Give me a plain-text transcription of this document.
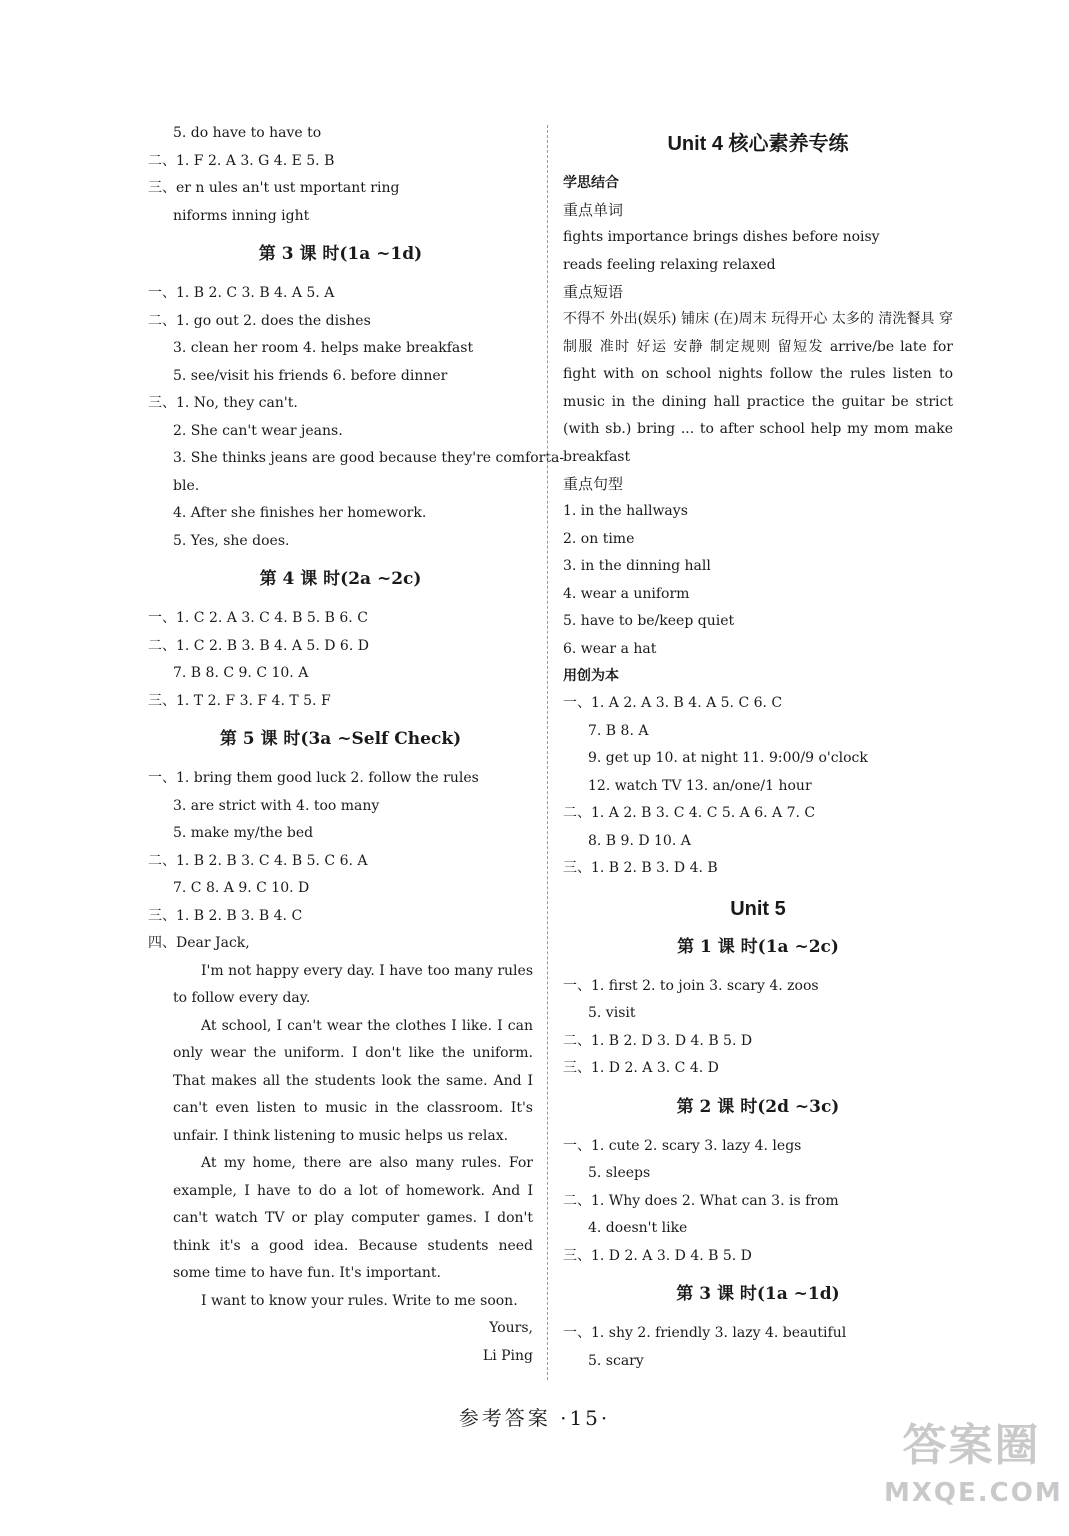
5. do have to have to
二、1. F 2. A 3. G 4. E 5. B
三、er n ules an't ust mportant ring
niforms inning ight
第 3 课 时(1a ~1d)
一、1. B 2. C 3. B 4. A 5. A
二、1. go out 2. does the dishes
3. clean her room 4. helps make breakfast
5. see/visit his friends 6. before dinner
三、1. No, they can't.
2. She can't wear jeans.
3. She thinks jeans are good because they're comforta-
ble.
4. After she finishes her homework.
5. Yes, she does.
第 4 课 时(2a ~2c)
一、1. C 2. A 3. C 4. B 5. B 6. C
二、1. C 2. B 3. B 4. A 5. D 6. D
7. B 8. C 9. C 10. A
三、1. T 2. F 3. F 4. T 5. F
第 5 课 时(3a ~Self Check)
一、1. bring them good luck 2. follow the rules
3. are strict with 4. too many
5. make my/the bed
二、1. B 2. B 3. C 4. B 5. C 6. A
7. C 8. A 9. C 10. D
三、1. B 2. B 3. B 4. C
四、Dear Jack,
I'm not happy every day. I have too many rules to follow every day.
At school, I can't wear the clothes I like. I can only wear the uniform. I don't like the uniform. That makes all the students look the same. And I can't even listen to music in the classroom. It's unfair. I think listening to music helps us relax.
At my home, there are also many rules. For example, I have to do a lot of homework. And I can't watch TV or play computer games. I don't think it's a good idea. Because students need some time to have fun. It's important.
I want to know your rules. Write to me soon.
Yours,
Li Ping
Unit 4 核心素养专练
学思结合
重点单词
fights importance brings dishes before noisy
reads feeling relaxing relaxed
重点短语
不得不 外出(娱乐) 铺床 (在)周末 玩得开心 太多的 清洗餐具 穿制服 准时 好运 安静 制定规则 留短发 arrive/be late for fight with on school nights follow the rules listen to music in the dining hall practice the guitar be strict (with sb.) bring ... to after school help my mom make breakfast
重点句型
1. in the hallways
2. on time
3. in the dinning hall
4. wear a uniform
5. have to be/keep quiet
6. wear a hat
用创为本
一、1. A 2. A 3. B 4. A 5. C 6. C
7. B 8. A
9. get up 10. at night 11. 9:00/9 o'clock
12. watch TV 13. an/one/1 hour
二、1. A 2. B 3. C 4. C 5. A 6. A 7. C
8. B 9. D 10. A
三、1. B 2. B 3. D 4. B
Unit 5
第 1 课 时(1a ~2c)
一、1. first 2. to join 3. scary 4. zoos
5. visit
二、1. B 2. D 3. D 4. B 5. D
三、1. D 2. A 3. C 4. D
第 2 课 时(2d ~3c)
一、1. cute 2. scary 3. lazy 4. legs
5. sleeps
二、1. Why does 2. What can 3. is from
4. doesn't like
三、1. D 2. A 3. D 4. B 5. D
第 3 课 时(1a ~1d)
一、1. shy 2. friendly 3. lazy 4. beautiful
5. scary
参考答案 ·15·
答案圈
MXQE.COM
